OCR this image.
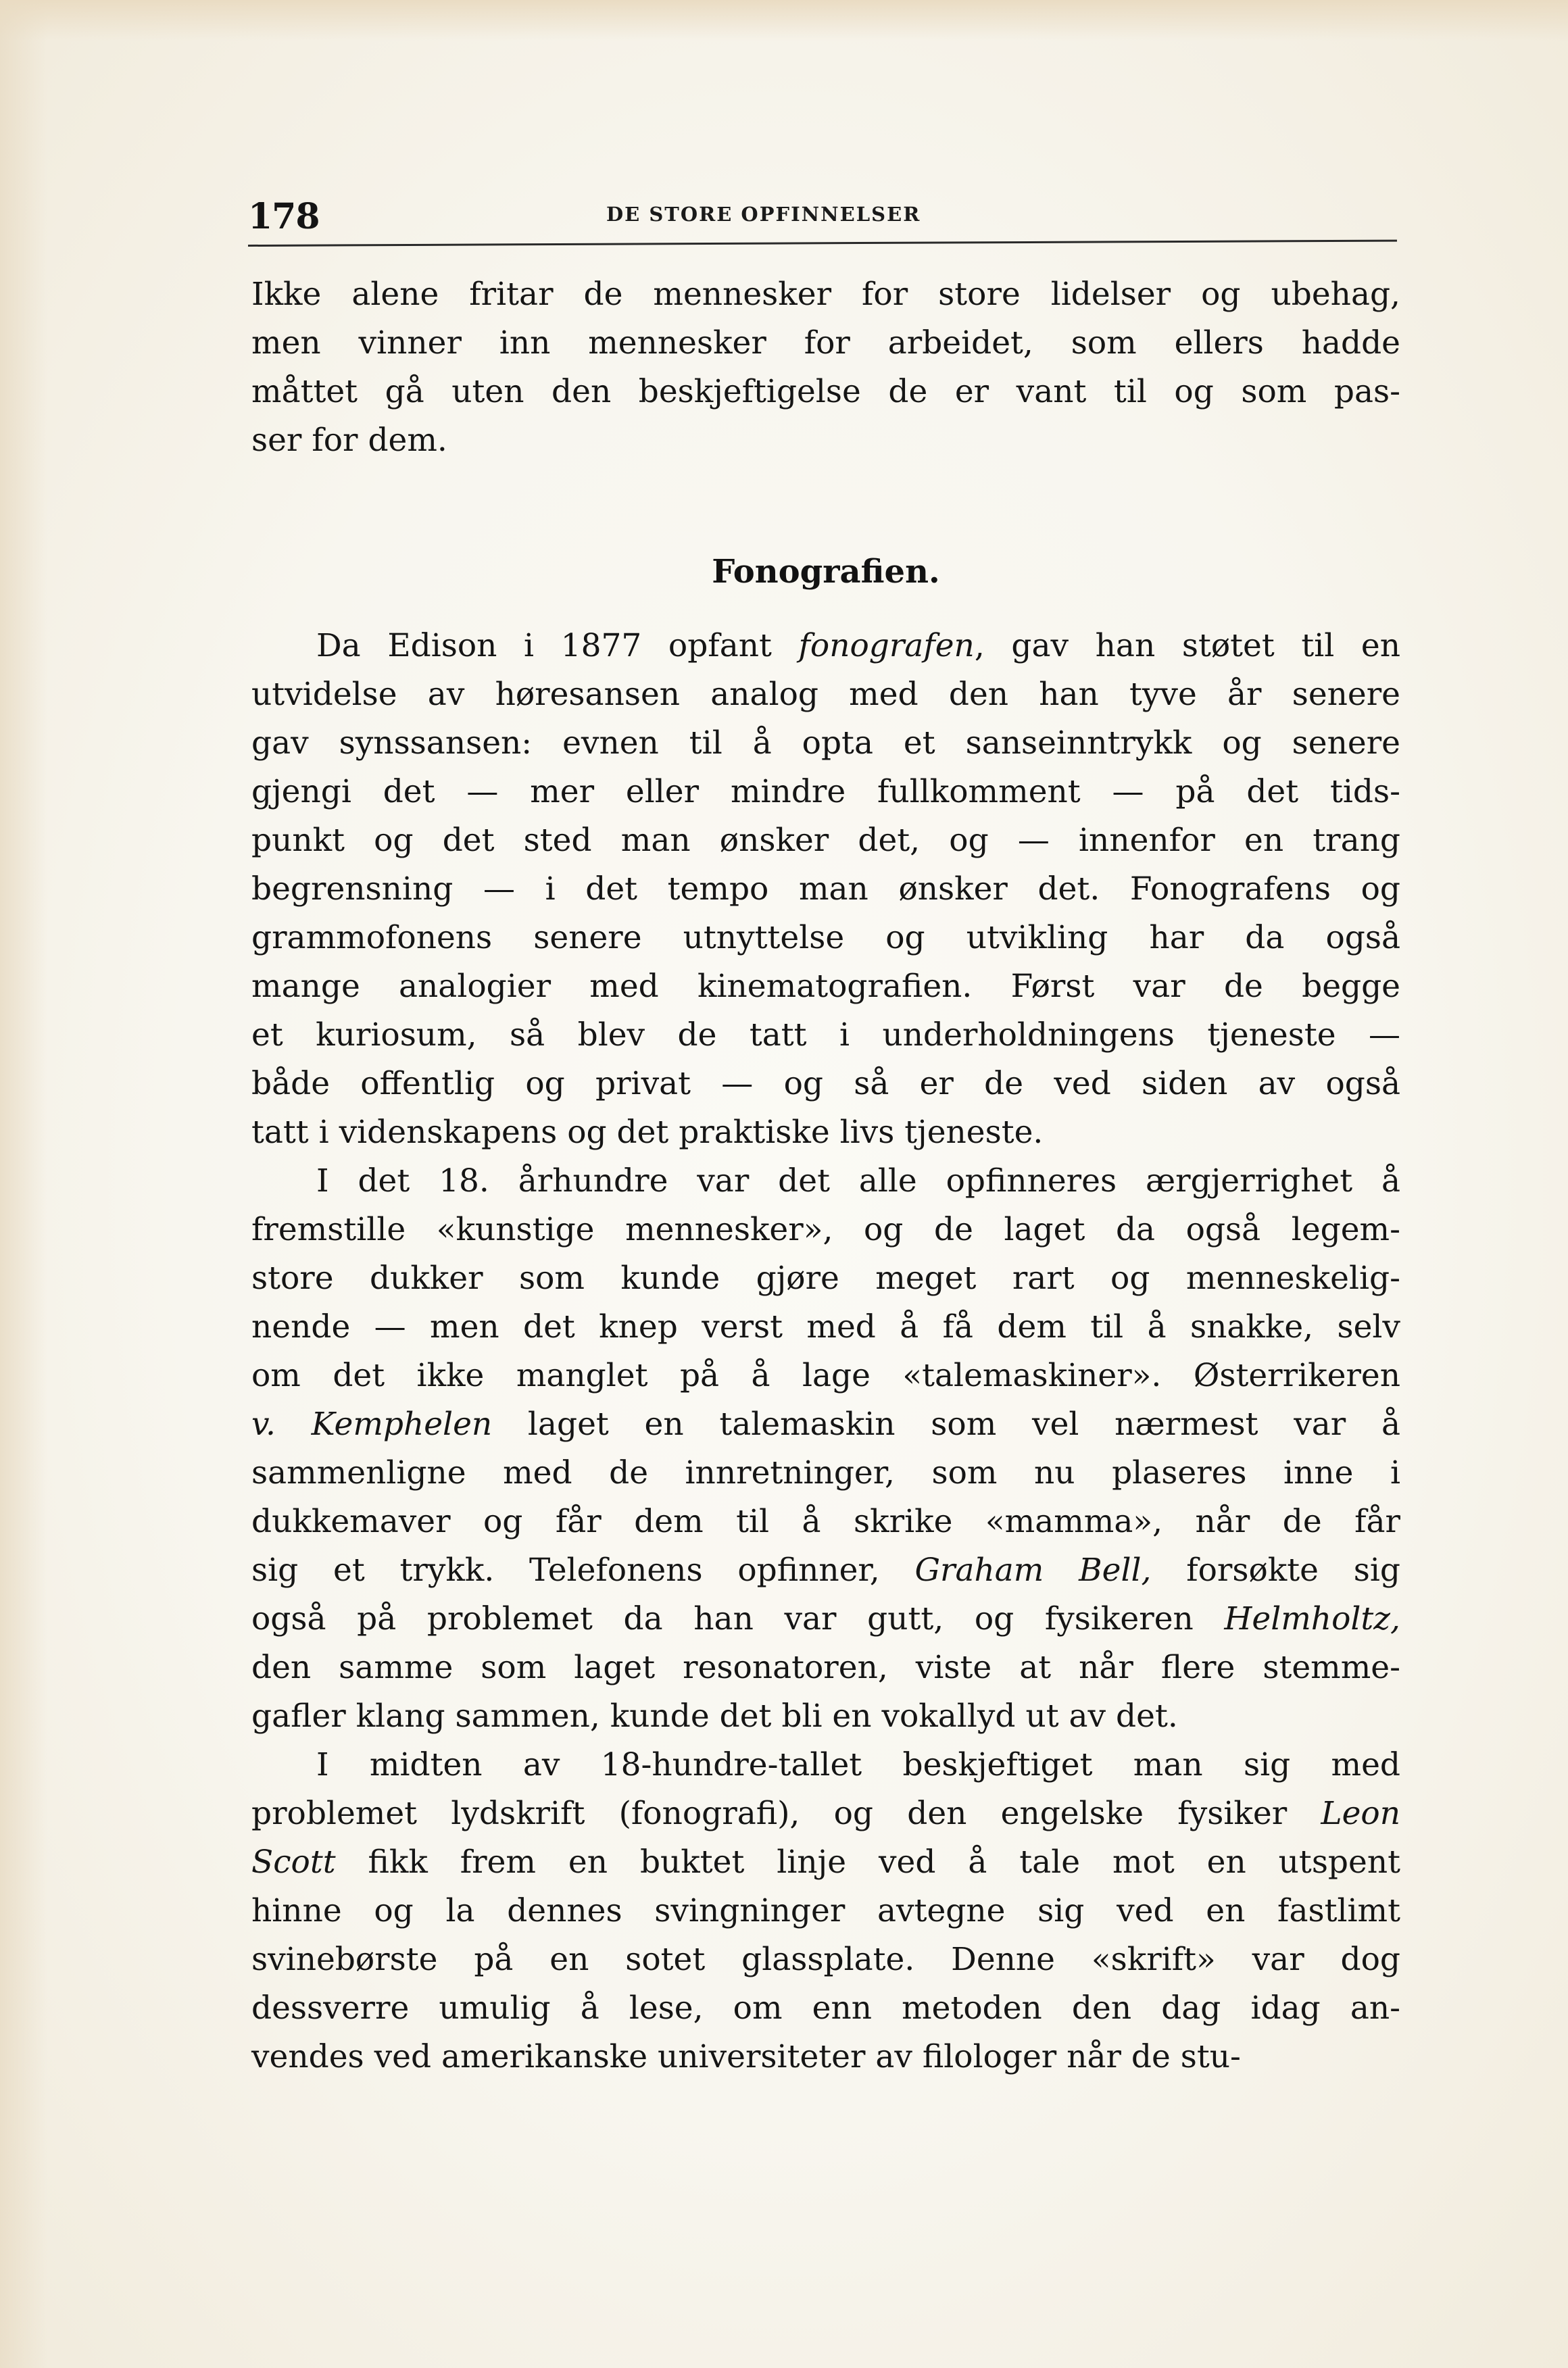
178	DE STORE OPFINNELSER
Ikke alene fritar de mennesker for store lidelser og ubehag,
men vinner inn mennesker for arbeidet, som ellers hadde
måttet gå uten den beskjeftigelse de er vant til og som pas-
ser for dem.
Fonografien.
Da Edison i 1877 opfant fonografen, gav han støtet til en
utvidelse av høresansen analog med den han tyve år senere
gav synssansen: evnen til å opta et sanseinntrykk og senere
gjengi det — mer eller mindre fullkomment — på det tids-
punkt og det sted man ønsker det, og — innenfor en trang
begrensning — i det tempo man ønsker det. Fonografens og
grammofonens senere utnyttelse og utvikling har da også
mange analogier med kinematografien. Først var de begge
et kuriosum, så blev de tatt i underholdningens tjeneste —
både offentlig og privat — og så er de ved siden av også
tatt i videnskapens og det praktiske livs tjeneste.
I det 18. århundre var det alle opfinneres ærgjerrighet å
fremstille «kunstige mennesker», og de laget da også legem-
store dukker som kunde gjøre meget rart og menneskelig-
nende — men det knep verst med å få dem til å snakke, selv
om det ikke manglet på å lage «talemaskiner». Østerrikeren
v. Kemphelen laget en talemaskin som vel nærmest var å
sammenligne med de innretninger, som nu plaseres inne i
dukkemaver og får dem til å skrike «mamma», når de får
sig et trykk. Telefonens opfinner, Graham Bell, forsøkte sig
også på problemet da han var gutt, og fysikeren Helmholtz,
den samme som laget resonatoren, viste at når flere stemme-
gafler klang sammen, kunde det bli en vokallyd ut av det.
I midten av 18-hundre-tallet beskjeftiget man sig med
problemet lydskrift (fonografi), og den engelske fysiker Leon
Scott fikk frem en buktet linje ved å tale mot en utspent
hinne og la dennes svingninger avtegne sig ved en fastlimt
svinebørste på en sotet glassplate. Denne «skrift» var dog
dessverre umulig å lese, om enn metoden den dag idag an-
vendes ved amerikanske universiteter av filologer når de stu-
